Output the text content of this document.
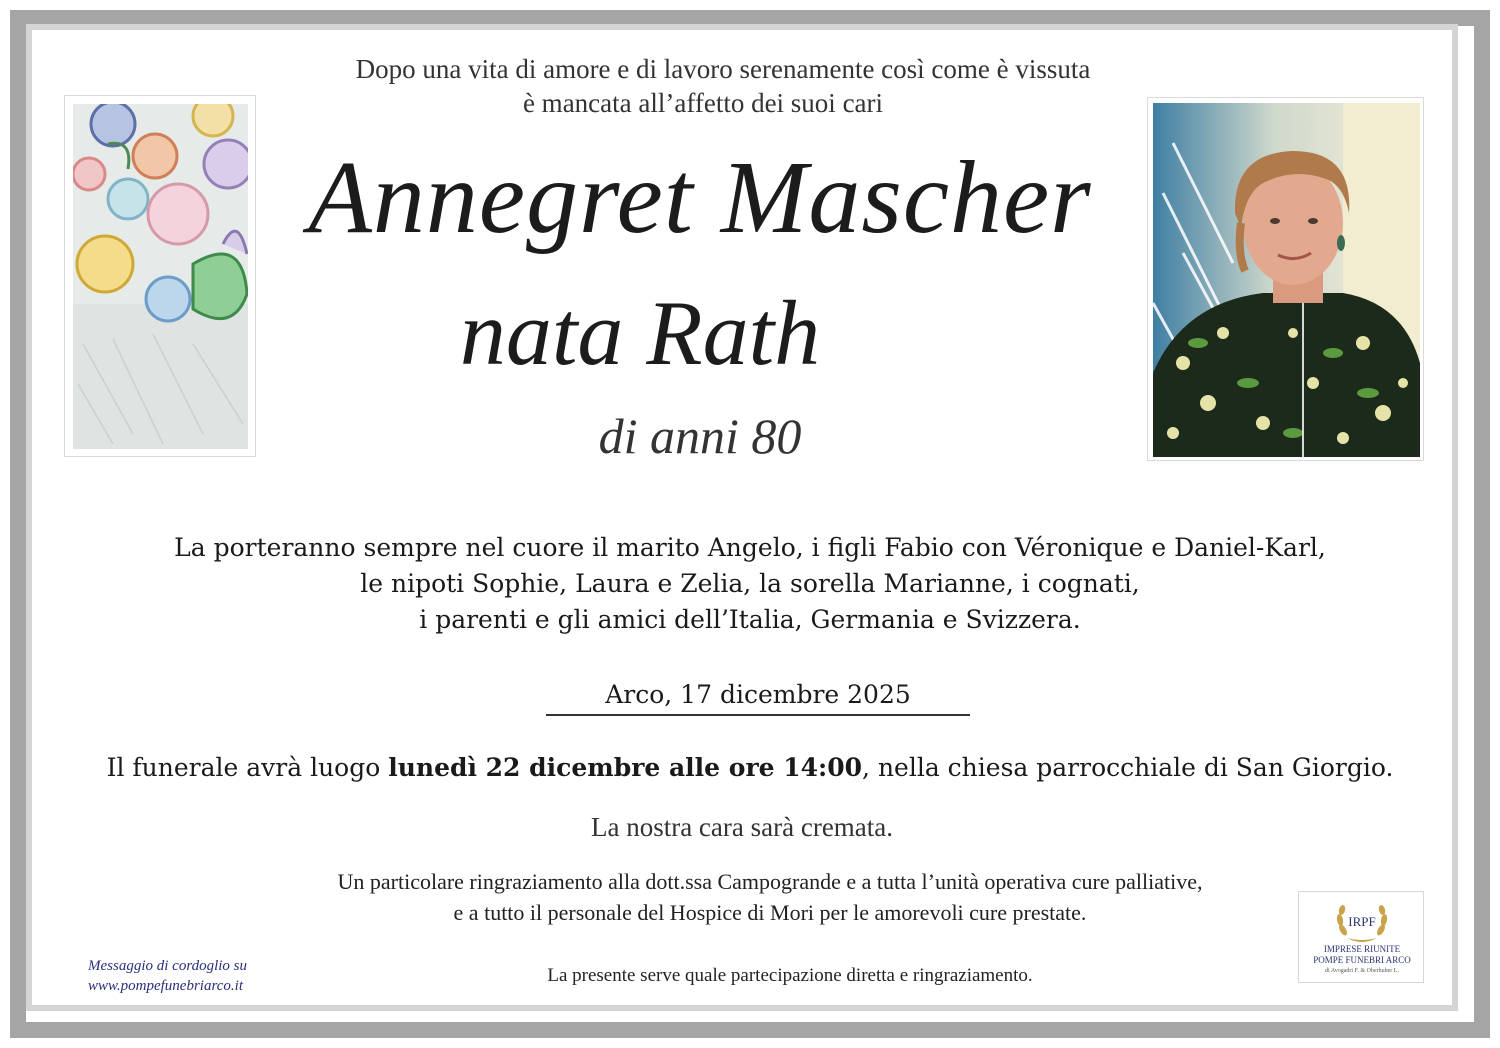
Dopo una vita di amore e di lavoro serenamente così come è vissuta

è mancata all’affetto dei suoi cari
Annegret Mascher
nata Rath
di anni 80
La porteranno sempre nel cuore il marito Angelo, i figli Fabio con Véronique e Daniel-Karl,
le nipoti Sophie, Laura e Zelia, la sorella Marianne, i cognati,
i parenti e gli amici dell’Italia, Germania e Svizzera.
Arco, 17 dicembre 2025
Il funerale avrà luogo lunedì 22 dicembre alle ore 14:00, nella chiesa parrocchiale di San Giorgio.
La nostra cara sarà cremata.
Un particolare ringraziamento alla dott.ssa Campogrande e a tutta l’unità operativa cure palliative,
e a tutto il personale del Hospice di Mori per le amorevoli cure prestate.
La presente serve quale partecipazione diretta e ringraziamento.
Messaggio di cordoglio su
www.pompefunebriarco.it
IRPF
IMPRESE RIUNITE
POMPE FUNEBRI ARCO
di Avogadri F. & Oberhuber L.
